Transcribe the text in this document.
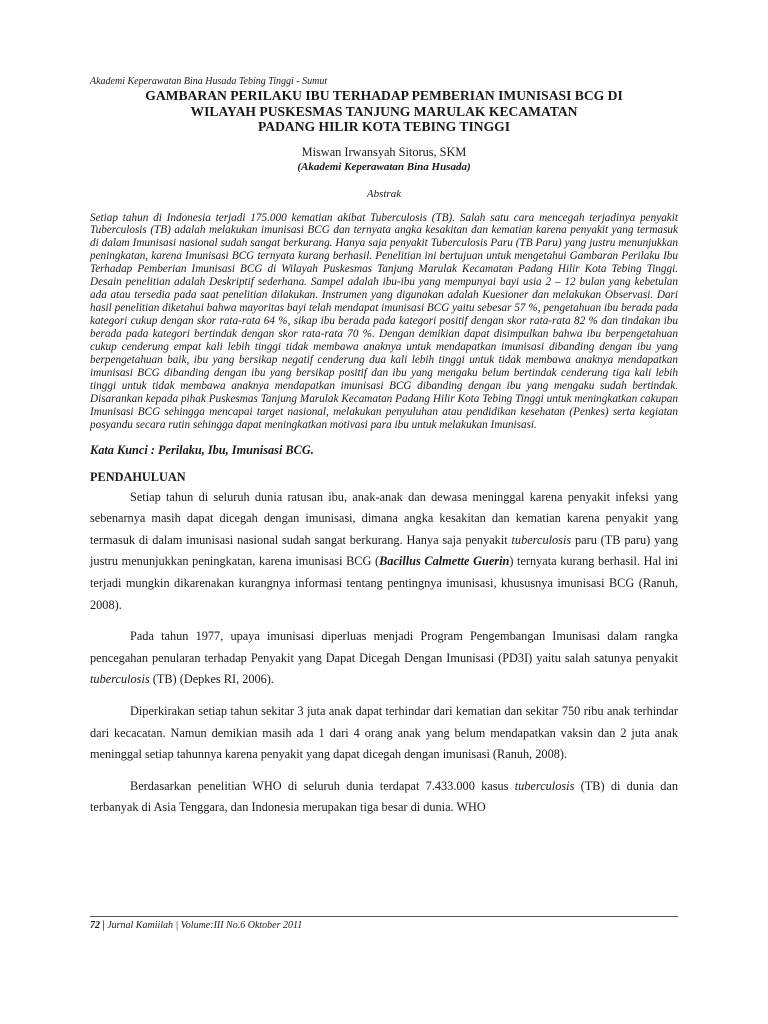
Akademi Keperawatan Bina Husada Tebing Tinggi - Sumut

GAMBARAN PERILAKU IBU TERHADAP PEMBERIAN IMUNISASI BCG DI

WILAYAH PUSKESMAS TANJUNG MARULAK KECAMATAN

PADANG HILIR KOTA TEBING TINGGI

Miswan Irwansyah Sitorus, SKM
(Akademi Keperawatan Bina Husada)
Abstrak
Setiap tahun di Indonesia terjadi 175.000 kematian akibat Tuberculosis (TB). Salah satu cara mencegah terjadinya penyakit Tuberculosis (TB) adalah melakukan imunisasi BCG dan ternyata angka kesakitan dan kematian karena penyakit yang termasuk di dalam Imunisasi nasional sudah sangat berkurang. Hanya saja penyakit Tuberculosis Paru (TB Paru) yang justru menunjukkan peningkatan, karena Imunisasi BCG ternyata kurang berhasil. Penelitian ini bertujuan untuk mengetahui Gambaran Perilaku Ibu Terhadap Pemberian Imunisasi BCG di Wilayah Puskesmas Tanjung Marulak Kecamatan Padang Hilir Kota Tebing Tinggi. Desain penelitian adalah Deskriptif sederhana. Sampel adalah ibu-ibu yang mempunyai bayi usia 2 – 12 bulan yang kebetulan ada atau tersedia pada saat penelitian dilakukan. Instrumen yang digunakan adalah Kuesioner dan melakukan Observasi. Dari hasil penelitian diketahui bahwa mayoritas bayi telah mendapat imunisasi BCG yaitu sebesar 57 %, pengetahuan ibu berada pada kategori cukup dengan skor rata-rata 64 %, sikap ibu berada pada kategori positif dengan skor rata-rata 82 % dan tindakan ibu berada pada kategori bertindak dengan skor rata-rata 70 %. Dengan demikian dapat disimpulkan bahwa ibu berpengetahuan cukup cenderung empat kali lebih tinggi tidak membawa anaknya untuk mendapatkan imunisasi dibanding dengan ibu yang berpengetahuan baik, ibu yang bersikap negatif cenderung dua kali lebih tinggi untuk tidak membawa anaknya mendapatkan imunisasi BCG dibanding dengan ibu yang bersikap positif dan ibu yang mengaku belum bertindak cenderung tiga kali lebih tinggi untuk tidak membawa anaknya mendapatkan imunisasi BCG dibanding dengan ibu yang mengaku sudah bertindak. Disarankan kepada pihak Puskesmas Tanjung Marulak Kecamatan Padang Hilir Kota Tebing Tinggi untuk meningkatkan cakupan Imunisasi BCG sehingga mencapai target nasional, melakukan penyuluhan atau pendidikan kesehatan (Penkes) serta kegiatan posyandu secara rutin sehingga dapat meningkatkan motivasi para ibu untuk melakukan Imunisasi.
Kata Kunci : Perilaku, Ibu, Imunisasi BCG.
PENDAHULUAN

Setiap tahun di seluruh dunia ratusan ibu, anak-anak dan dewasa meninggal karena penyakit infeksi yang sebenarnya masih dapat dicegah dengan imunisasi, dimana angka kesakitan dan kematian karena penyakit yang termasuk di dalam imunisasi nasional sudah sangat berkurang. Hanya saja penyakit tuberculosis paru (TB paru) yang justru menunjukkan peningkatan, karena imunisasi BCG (Bacillus Calmette Guerin) ternyata kurang berhasil. Hal ini terjadi mungkin dikarenakan kurangnya informasi tentang pentingnya imunisasi, khususnya imunisasi BCG (Ranuh, 2008).

Pada tahun 1977, upaya imunisasi diperluas menjadi Program Pengembangan Imunisasi dalam rangka pencegahan penularan terhadap Penyakit yang Dapat Dicegah Dengan Imunisasi (PD3I) yaitu salah satunya penyakit tuberculosis (TB) (Depkes RI, 2006).

Diperkirakan setiap tahun sekitar 3 juta anak dapat terhindar dari kematian dan sekitar 750 ribu anak terhindar dari kecacatan. Namun demikian masih ada 1 dari 4 orang anak yang belum mendapatkan vaksin dan 2 juta anak meninggal setiap tahunnya karena penyakit yang dapat dicegah dengan imunisasi (Ranuh, 2008).

Berdasarkan penelitian WHO di seluruh dunia terdapat 7.433.000 kasus tuberculosis (TB) di dunia dan terbanyak di Asia Tenggara, dan Indonesia merupakan tiga besar di dunia. WHO

72 | Jurnal Kamiilah | Volume:III No.6 Oktober 2011
